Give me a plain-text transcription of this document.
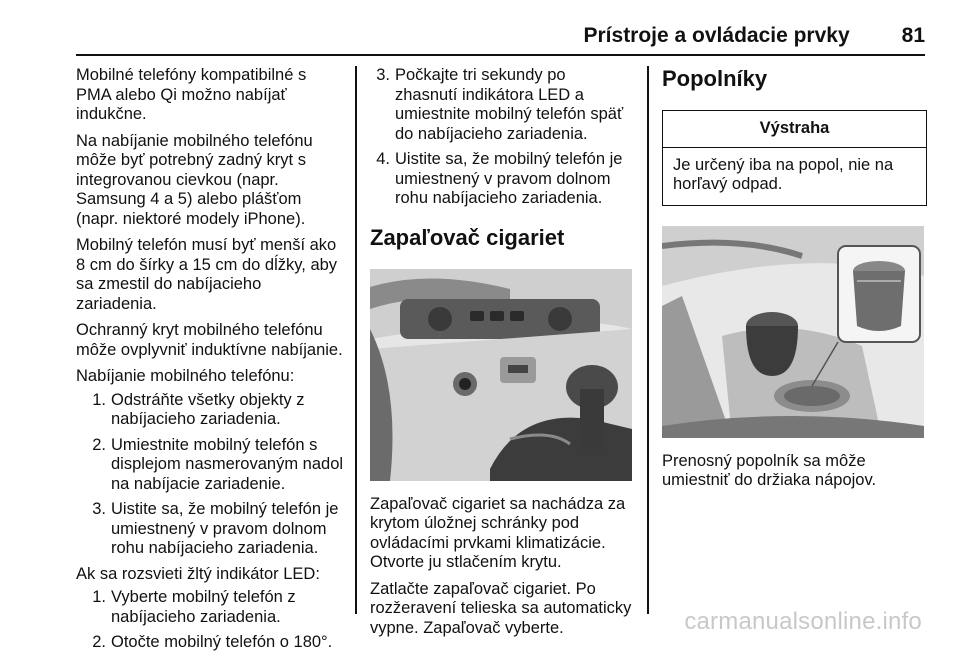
Prístroje a ovládacie prvky 81

Mobilné telefóny kompatibilné s PMA alebo Qi možno nabíjať indukčne.

Na nabíjanie mobilného telefónu môže byť potrebný zadný kryt s integrovanou cievkou (napr. Samsung 4 a 5) alebo plášťom (napr. niektoré modely iPhone).

Mobilný telefón musí byť menší ako 8 cm do šírky a 15 cm do dĺžky, aby sa zmestil do nabíjacieho zariadenia.

Ochranný kryt mobilného telefónu môže ovplyvniť induktívne nabíjanie.

Nabíjanie mobilného telefónu:

1. Odstráňte všetky objekty z nabíjacieho zariadenia.
2. Umiestnite mobilný telefón s displejom nasmerovaným nadol na nabíjacie zariadenie.
3. Uistite sa, že mobilný telefón je umiestnený v pravom dolnom rohu nabíjacieho zariadenia.

Ak sa rozsvieti žltý indikátor LED:

1. Vyberte mobilný telefón z nabíjacieho zariadenia.
2. Otočte mobilný telefón o 180°.
3. Počkajte tri sekundy po zhasnutí indikátora LED a umiestnite mobilný telefón späť do nabíjacieho zariadenia.
4. Uistite sa, že mobilný telefón je umiestnený v pravom dolnom rohu nabíjacieho zariadenia.
Zapaľovač cigariet

Zapaľovač cigariet sa nachádza za krytom úložnej schránky pod ovládacími prvkami klimatizácie. Otvorte ju stlačením krytu.

Zatlačte zapaľovač cigariet. Po rozžeravení telieska sa automaticky vypne. Zapaľovač vyberte.

Popolníky
Výstraha
Je určený iba na popol, nie na horľavý odpad.

Prenosný popolník sa môže umiestniť do držiaka nápojov.

carmanualsonline.info
